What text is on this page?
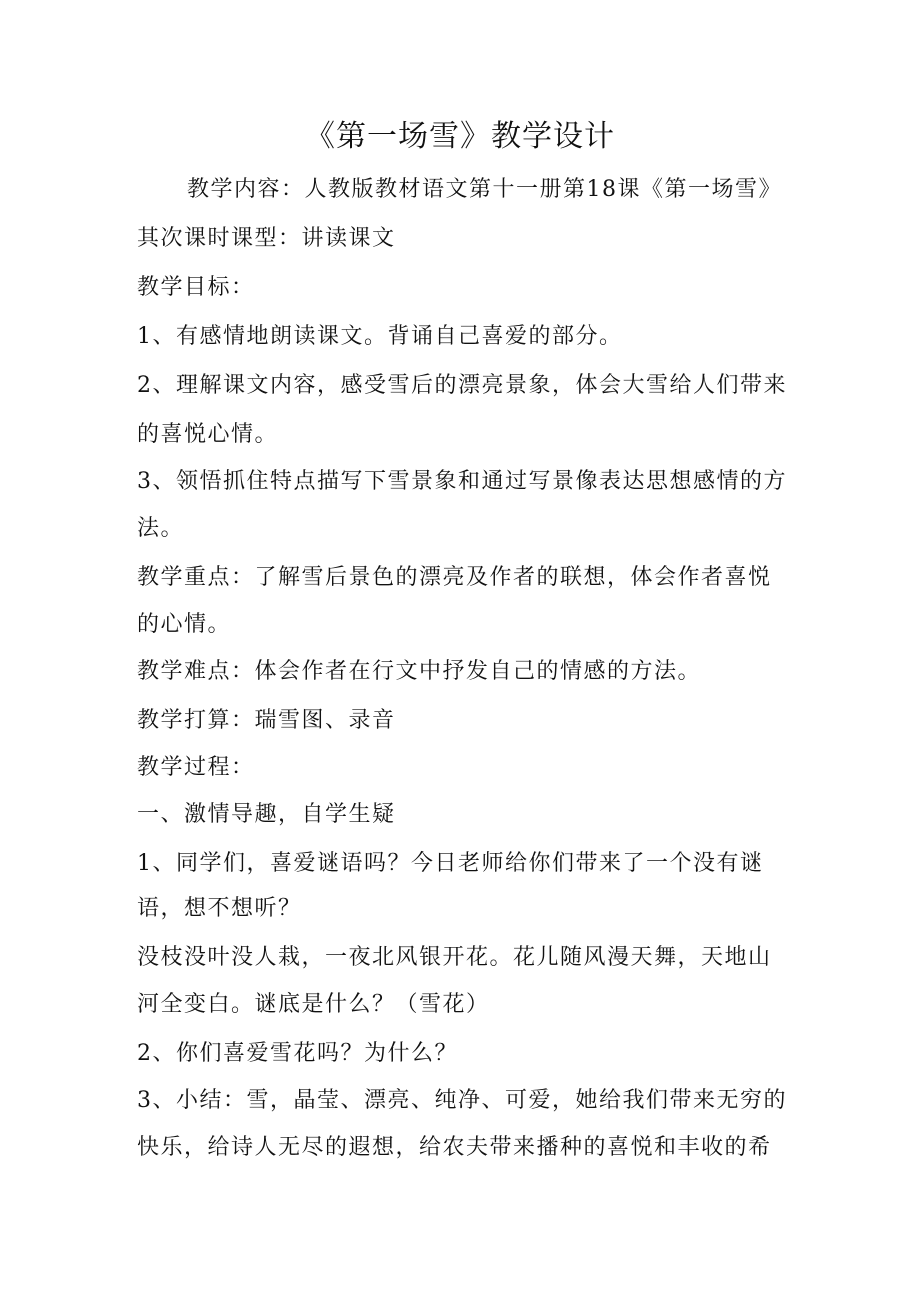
《第一场雪》教学设计
教学内容：人教版教材语文第十一册第18课《第一场雪》
其次课时课型：讲读课文
教学目标：
1、有感情地朗读课文。背诵自己喜爱的部分。
2、理解课文内容，感受雪后的漂亮景象，体会大雪给人们带来
的喜悦心情。
3、领悟抓住特点描写下雪景象和通过写景像表达思想感情的方
法。
教学重点：了解雪后景色的漂亮及作者的联想，体会作者喜悦
的心情。
教学难点：体会作者在行文中抒发自己的情感的方法。
教学打算：瑞雪图、录音
教学过程：
一、激情导趣，自学生疑
1、同学们，喜爱谜语吗？今日老师给你们带来了一个没有谜
语，想不想听？
没枝没叶没人栽，一夜北风银开花。花儿随风漫天舞，天地山
河全变白。谜底是什么？（雪花）
2、你们喜爱雪花吗？为什么？
3、小结：雪，晶莹、漂亮、纯净、可爱，她给我们带来无穷的
快乐，给诗人无尽的遐想，给农夫带来播种的喜悦和丰收的希
